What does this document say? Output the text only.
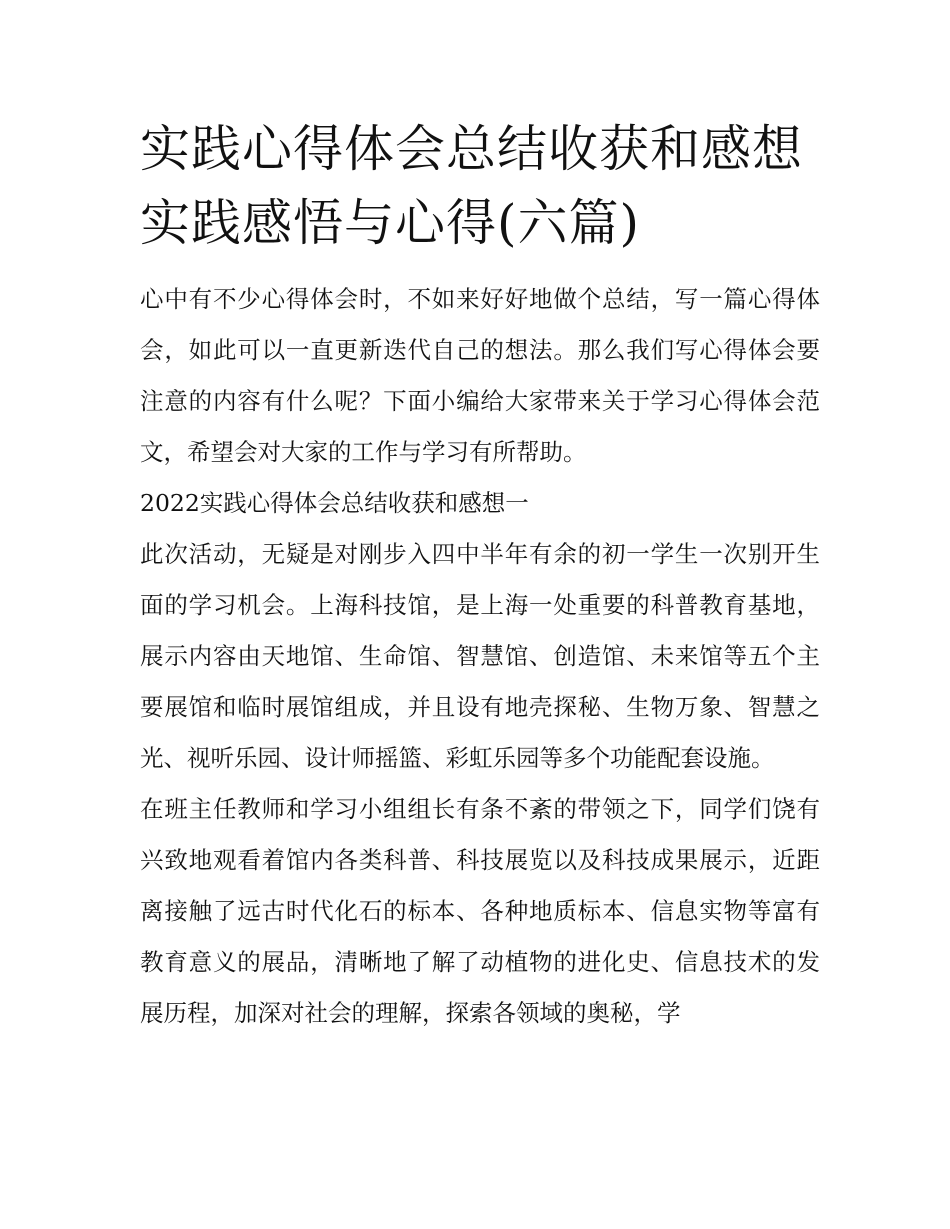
实践心得体会总结收获和感想
实践感悟与心得(六篇)

心中有不少心得体会时，不如来好好地做个总结，写一篇心得体会，如此可以一直更新迭代自己的想法。那么我们写心得体会要注意的内容有什么呢？下面小编给大家带来关于学习心得体会范文，希望会对大家的工作与学习有所帮助。

2022实践心得体会总结收获和感想一

此次活动，无疑是对刚步入四中半年有余的初一学生一次别开生面的学习机会。上海科技馆，是上海一处重要的科普教育基地，展示内容由天地馆、生命馆、智慧馆、创造馆、未来馆等五个主要展馆和临时展馆组成，并且设有地壳探秘、生物万象、智慧之光、视听乐园、设计师摇篮、彩虹乐园等多个功能配套设施。

在班主任教师和学习小组组长有条不紊的带领之下，同学们饶有兴致地观看着馆内各类科普、科技展览以及科技成果展示，近距离接触了远古时代化石的标本、各种地质标本、信息实物等富有教育意义的展品，清晰地了解了动植物的进化史、信息技术的发展历程，加深对社会的理解，探索各领域的奥秘，学
